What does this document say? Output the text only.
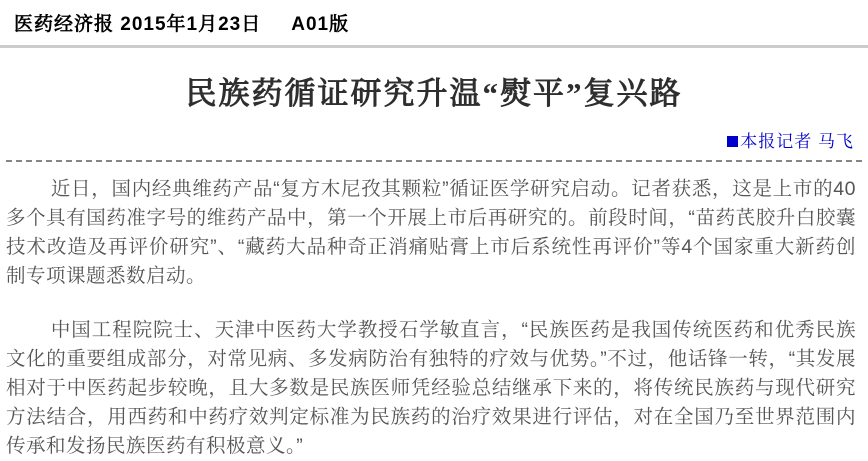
医药经济报 2015年1月23日 A01版
民族药循证研究升温“熨平”复兴路
本报记者 马飞

近日，国内经典维药产品“复方木尼孜其颗粒”循证医学研究启动。记者获悉，这是上市的40多个具有国药准字号的维药产品中，第一个开展上市后再研究的。前段时间，“苗药芪胶升白胶囊技术改造及再评价研究”、“藏药大品种奇正消痛贴膏上市后系统性再评价”等4个国家重大新药创制专项课题悉数启动。

中国工程院院士、天津中医药大学教授石学敏直言，“民族医药是我国传统医药和优秀民族文化的重要组成部分，对常见病、多发病防治有独特的疗效与优势。”不过，他话锋一转，“其发展相对于中医药起步较晚，且大多数是民族医师凭经验总结继承下来的，将传统民族药与现代研究方法结合，用西药和中药疗效判定标准为民族药的治疗效果进行评估，对在全国乃至世界范围内传承和发扬民族医药有积极意义。”
